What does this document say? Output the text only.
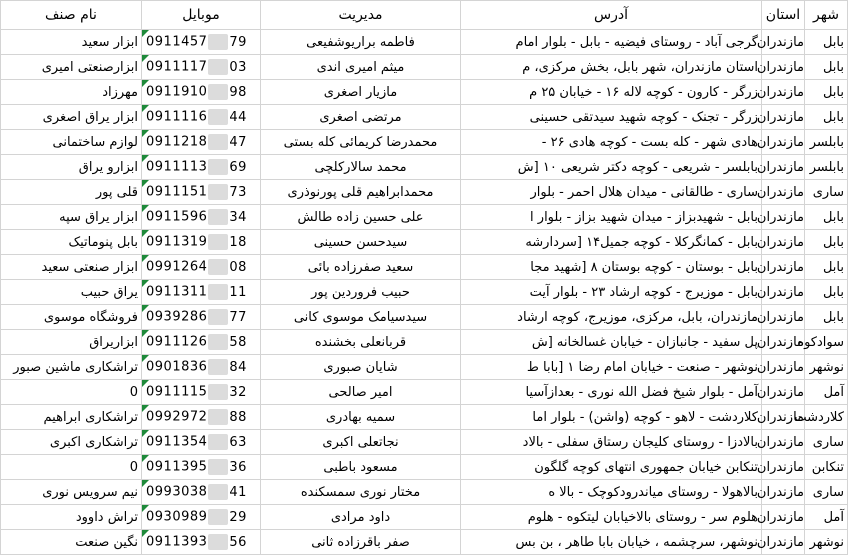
نام صنف	موبایل	مدیریت	آدرس	استان	شهر
ابزار سعید	0911457 79	فاطمه براریوشفیعی	گرجی آباد - روستای فیضیه - بابل - بلوار امام	مازندران	بابل
ابزارصنعتی امیری	0911117 03	میثم امیری اندی	استان مازندران، شهر بابل، بخش مرکزی، م	مازندران	بابل
مهرزاد	0911910 98	مازیار اصغری	زرگر - کارون - کوچه لاله ۱۶ - خیابان ۲۵ م	مازندران	بابل
ابزار یراق اصغری	0911116 44	مرتضی اصغری	زرگر - تجنک - کوچه شهید سیدتقی حسینی	مازندران	بابل
لوازم ساختمانی	0911218 47	محمدرضا کریمائی کله بستی	هادی شهر - کله بست - کوچه هادی ۲۶ -	مازندران	بابلسر
ابزارو یراق	0911113 69	محمد سالارکلچی	بابلسر - شریعی - کوچه دکتر شریعی ۱۰ [ش	مازندران	بابلسر
قلی پور	0911151 73	محمدابراهیم قلی پورنوذری	ساری - طالقانی - میدان هلال احمر - بلوار	مازندران	ساری
ابزار یراق سپه	0911596 34	علی حسین زاده طالش	بابل - شهیدبزاز - میدان شهید بزاز - بلوار ا	مازندران	بابل
بابل پنوماتیک	0911319 18	سیدحسن حسینی	بابل - کمانگرکلا - کوچه جمیل۱۴ [سردارشه	مازندران	بابل
ابزار صنعتی سعید	0991264 08	سعید صفرزاده بائی	بابل - بوستان - کوچه بوستان ۸ [شهید مجا	مازندران	بابل
یراق حبیب	0911311 11	حبیب فروردین پور	بابل - موزیرج - کوچه ارشاد ۲۳ - بلوار آیت	مازندران	بابل
فروشگاه موسوی	0939286 77	سیدسیامک موسوی کانی	مازندران، بابل، مرکزی، موزیرج، کوچه ارشاد	مازندران	بابل
ابزاریراق	0911126 58	قربانعلی بخشنده	پل سفید - جانبازان - خیابان غسالخانه [ش	مازندران	سوادکوه
تراشکاری ماشین صبور	0901836 84	شایان صبوری	نوشهر - صنعت - خیابان امام رضا ۱ [بابا ط	مازندران	نوشهر
0	0911115 32	امیر صالحی	آمل - بلوار شیخ فضل الله نوری - بعدازآسیا	مازندران	آمل
تراشکاری ابراهیم	0992972 88	سمیه بهادری	کلاردشت - لاهو - کوچه (واشن) - بلوار اما	مازندران	کلاردشت
تراشکاری اکبری	0911354 63	نجاتعلی اکبری	بالادزا - روستای کلیجان رستاق سفلی - بالاد	مازندران	ساری
0	0911395 36	مسعود باطبی	تنکابن خیابان جمهوری انتهای کوچه گلگون	مازندران	تنکابن
نیم سرویس نوری	0993038 41	مختار نوری سمسکنده	بالاهولا - روستای میاندرودکوچک - بالا ه	مازندران	ساری
تراش داوود	0930989 29	داود مرادی	هلوم سر - روستای بالاخیابان لیتکوه - هلوم	مازندران	آمل
نگین صنعت	0911393 56	صفر باقرزاده ثانی	نوشهر، سرچشمه ، خیابان بابا طاهر ، بن بس	مازندران	نوشهر
